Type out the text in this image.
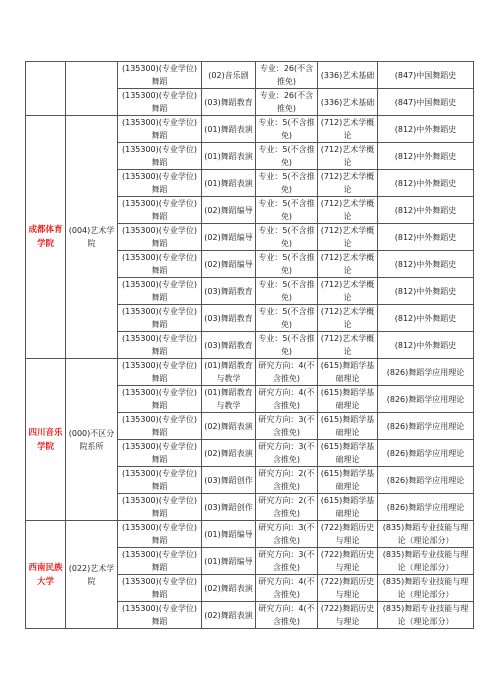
		(135300)(专业学位)舞蹈	(02)音乐剧	专业：26(不含推免)	(336)艺术基础	(847)中国舞蹈史
		(135300)(专业学位)舞蹈	(03)舞蹈教育	专业：26(不含推免)	(336)艺术基础	(847)中国舞蹈史
成都体育学院	(004)艺术学院	(135300)(专业学位)舞蹈	(01)舞蹈表演	专业：5(不含推免)	(712)艺术学概论	(812)中外舞蹈史
		(135300)(专业学位)舞蹈	(01)舞蹈表演	专业：5(不含推免)	(712)艺术学概论	(812)中外舞蹈史
		(135300)(专业学位)舞蹈	(01)舞蹈表演	专业：5(不含推免)	(712)艺术学概论	(812)中外舞蹈史
		(135300)(专业学位)舞蹈	(02)舞蹈编导	专业：5(不含推免)	(712)艺术学概论	(812)中外舞蹈史
		(135300)(专业学位)舞蹈	(02)舞蹈编导	专业：5(不含推免)	(712)艺术学概论	(812)中外舞蹈史
		(135300)(专业学位)舞蹈	(02)舞蹈编导	专业：5(不含推免)	(712)艺术学概论	(812)中外舞蹈史
		(135300)(专业学位)舞蹈	(03)舞蹈教育	专业：5(不含推免)	(712)艺术学概论	(812)中外舞蹈史
		(135300)(专业学位)舞蹈	(03)舞蹈教育	专业：5(不含推免)	(712)艺术学概论	(812)中外舞蹈史
		(135300)(专业学位)舞蹈	(03)舞蹈教育	专业：5(不含推免)	(712)艺术学概论	(812)中外舞蹈史
四川音乐学院	(000)不区分院系所	(135300)(专业学位)舞蹈	(01)舞蹈教育与教学	研究方向：4(不含推免)	(615)舞蹈学基础理论	(826)舞蹈学应用理论
		(135300)(专业学位)舞蹈	(01)舞蹈教育与教学	研究方向：4(不含推免)	(615)舞蹈学基础理论	(826)舞蹈学应用理论
		(135300)(专业学位)舞蹈	(02)舞蹈表演	研究方向：3(不含推免)	(615)舞蹈学基础理论	(826)舞蹈学应用理论
		(135300)(专业学位)舞蹈	(02)舞蹈表演	研究方向：3(不含推免)	(615)舞蹈学基础理论	(826)舞蹈学应用理论
		(135300)(专业学位)舞蹈	(03)舞蹈创作	研究方向：2(不含推免)	(615)舞蹈学基础理论	(826)舞蹈学应用理论
		(135300)(专业学位)舞蹈	(03)舞蹈创作	研究方向：2(不含推免)	(615)舞蹈学基础理论	(826)舞蹈学应用理论
西南民族大学	(022)艺术学院	(135300)(专业学位)舞蹈	(01)舞蹈编导	研究方向：3(不含推免)	(722)舞蹈历史与理论	(835)舞蹈专业技能与理论（理论部分）
		(135300)(专业学位)舞蹈	(01)舞蹈编导	研究方向：3(不含推免)	(722)舞蹈历史与理论	(835)舞蹈专业技能与理论（理论部分）
		(135300)(专业学位)舞蹈	(02)舞蹈表演	研究方向：4(不含推免)	(722)舞蹈历史与理论	(835)舞蹈专业技能与理论（理论部分）
		(135300)(专业学位)舞蹈	(02)舞蹈表演	研究方向：4(不含推免)	(722)舞蹈历史与理论	(835)舞蹈专业技能与理论（理论部分）
